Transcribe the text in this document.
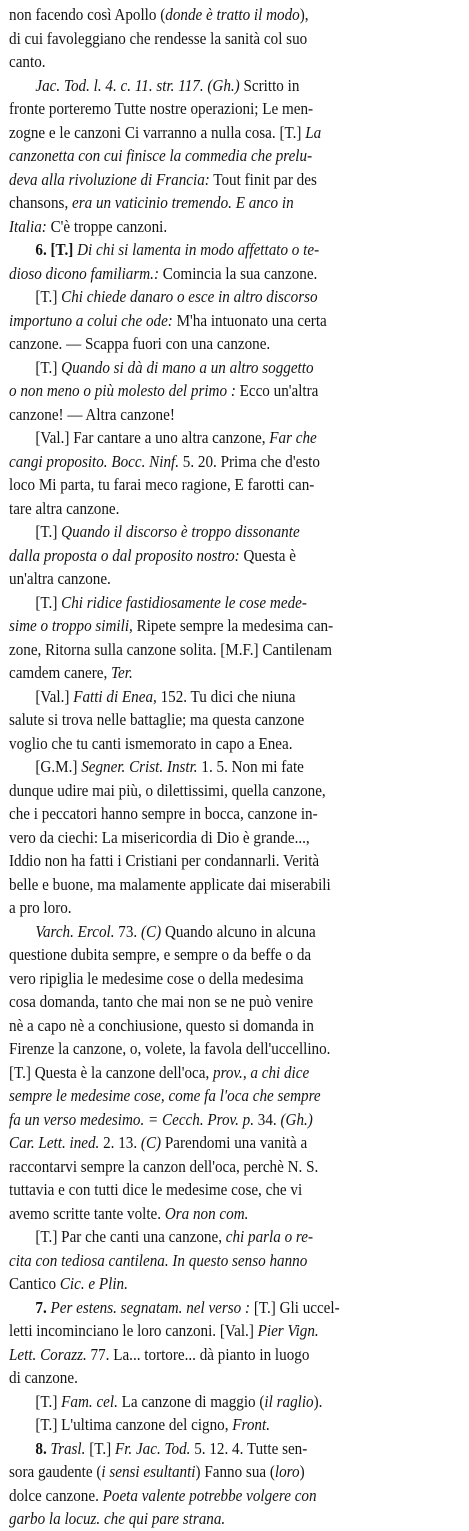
non facendo così Apollo (donde è tratto il modo),
di cui favoleggiano che rendesse la sanità col suo
canto.
Jac. Tod. l. 4. c. 11. str. 117. (Gh.) Scritto in
fronte porteremo Tutte nostre operazioni; Le men-
zogne e le canzoni Ci varranno a nulla cosa. [T.] La
canzonetta con cui finisce la commedia che prelu-
deva alla rivoluzione di Francia: Tout finit par des
chansons, era un vaticinio tremendo. E anco in
Italia: C'è troppe canzoni.
6. [T.] Di chi si lamenta in modo affettato o te-
dioso dicono familiarm.: Comincia la sua canzone.
[T.] Chi chiede danaro o esce in altro discorso
importuno a colui che ode: M'ha intuonato una certa
canzone. — Scappa fuori con una canzone.
[T.] Quando si dà di mano a un altro soggetto
o non meno o più molesto del primo : Ecco un'altra
canzone! — Altra canzone!
[Val.] Far cantare a uno altra canzone, Far che
cangi proposito. Bocc. Ninf. 5. 20. Prima che d'esto
loco Mi parta, tu farai meco ragione, E farotti can-
tare altra canzone.
[T.] Quando il discorso è troppo dissonante
dalla proposta o dal proposito nostro: Questa è
un'altra canzone.
[T.] Chi ridice fastidiosamente le cose mede-
sime o troppo simili, Ripete sempre la medesima can-
zone, Ritorna sulla canzone solita. [M.F.] Cantilenam
camdem canere, Ter.
[Val.] Fatti di Enea, 152. Tu dici che niuna
salute si trova nelle battaglie; ma questa canzone
voglio che tu canti ismemorato in capo a Enea.
[G.M.] Segner. Crist. Instr. 1. 5. Non mi fate
dunque udire mai più, o dilettissimi, quella canzone,
che i peccatori hanno sempre in bocca, canzone in-
vero da ciechi: La misericordia di Dio è grande...,
Iddio non ha fatti i Cristiani per condannarli. Verità
belle e buone, ma malamente applicate dai miserabili
a pro loro.
Varch. Ercol. 73. (C) Quando alcuno in alcuna
questione dubita sempre, e sempre o da beffe o da
vero ripiglia le medesime cose o della medesima
cosa domanda, tanto che mai non se ne può venire
nè a capo nè a conchiusione, questo si domanda in
Firenze la canzone, o, volete, la favola dell'uccellino.
[T.] Questa è la canzone dell'oca, prov., a chi dice
sempre le medesime cose, come fa l'oca che sempre
fa un verso medesimo. = Cecch. Prov. p. 34. (Gh.)
Car. Lett. ined. 2. 13. (C) Parendomi una vanità a
raccontarvi sempre la canzon dell'oca, perchè N. S.
tuttavia e con tutti dice le medesime cose, che vi
avemo scritte tante volte. Ora non com.
[T.] Par che canti una canzone, chi parla o re-
cita con tediosa cantilena. In questo senso hanno
Cantico Cic. e Plin.
7. Per estens. segnatam. nel verso : [T.] Gli uccel-
letti incominciano le loro canzoni. [Val.] Pier Vign.
Lett. Corazz. 77. La... tortore... dà pianto in luogo
di canzone.
[T.] Fam. cel. La canzone di maggio (il raglio).
[T.] L'ultima canzone del cigno, Front.
8. Trasl. [T.] Fr. Jac. Tod. 5. 12. 4. Tutte sen-
sora gaudente (i sensi esultanti) Fanno sua (loro)
dolce canzone. Poeta valente potrebbe volgere con
garbo la locuz. che qui pare strana.
